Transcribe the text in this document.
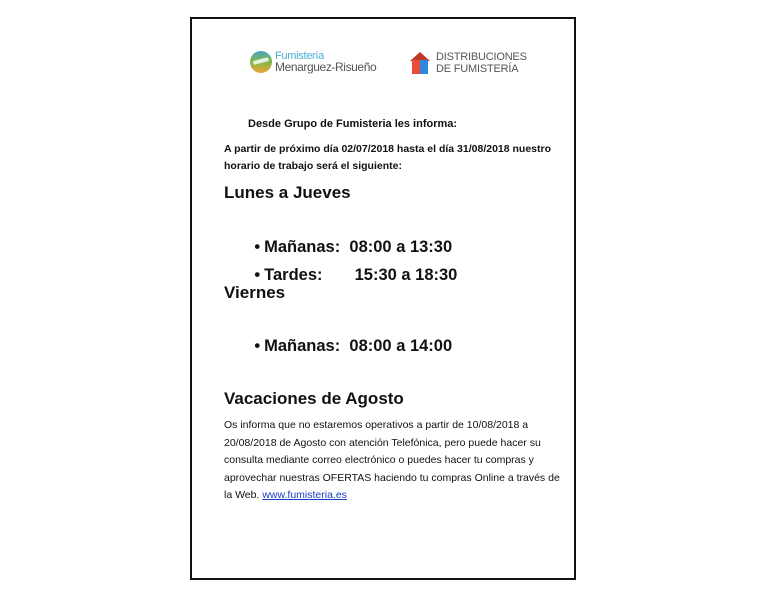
Fumistería
Menarguez-Risueño
DISTRIBUCIONES
DE FUMISTERÍA
Desde Grupo de Fumisteria les informa:
A partir de próximo día 02/07/2018 hasta el día 31/08/2018 nuestro horario de trabajo será el siguiente:
Lunes a Jueves

• Mañanas: 08:00 a 13:30

• Tardes: 15:30 a 18:30

Viernes

• Mañanas: 08:00 a 14:00

Vacaciones de Agosto
Os informa que no estaremos operativos a partir de 10/08/2018 a 20/08/2018 de Agosto con atención Telefónica, pero puede hacer su consulta mediante correo electrónico o puedes hacer tu compras y aprovechar nuestras OFERTAS haciendo tu compras Online a través de la Web. www.fumisteria.es
